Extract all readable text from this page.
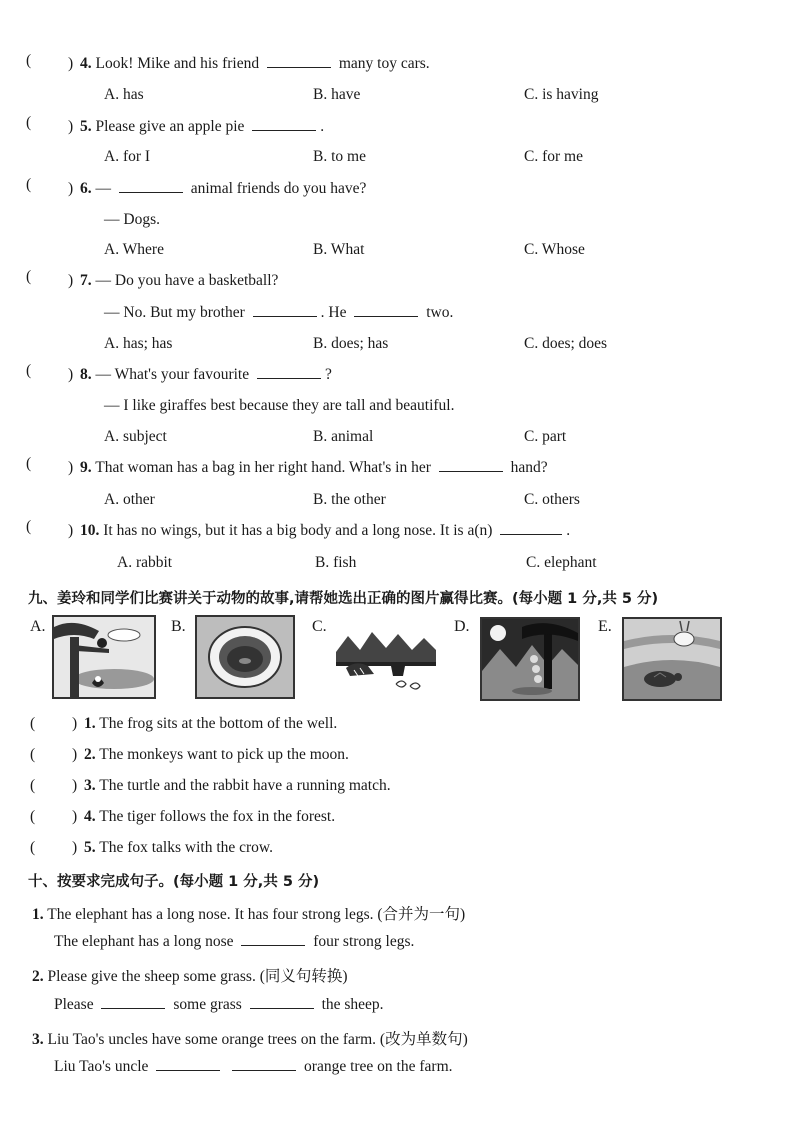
( ) 4. Look! Mike and his friend	many toy cars.
A. has	B. have	C. is having
( ) 5. Please give an apple pie	.
A. for I	B. to me	C. for me
( ) 6. —	animal friends do you have?
— Dogs.
A. Where	B. What	C. Whose
( ) 7. — Do you have a basketball?
— No. But my brother	. He	two.
A. has; has	B. does; has	C. does; does
( ) 8. — What's your favourite	?
— I like giraffes best because they are tall and beautiful.
A. subject	B. animal	C. part
( ) 9. That woman has a bag in her right hand. What's in her	hand?
A. other	B. the other	C. others
( ) 10. It has no wings, but it has a big body and a long nose. It is a(n)	.
A. rabbit	B. fish	C. elephant
九、姜玲和同学们比赛讲关于动物的故事,请帮她选出正确的图片赢得比赛。(每小题 1 分,共 5 分)
A.	B.	C.	D.	E.
( ) 1. The frog sits at the bottom of the well.
( ) 2. The monkeys want to pick up the moon.
( ) 3. The turtle and the rabbit have a running match.
( ) 4. The tiger follows the fox in the forest.
( ) 5. The fox talks with the crow.
十、按要求完成句子。(每小题 1 分,共 5 分)
1. The elephant has a long nose. It has four strong legs. (合并为一句)
The elephant has a long nose	four strong legs.
2. Please give the sheep some grass. (同义句转换)
Please	some grass	the sheep.
3. Liu Tao's uncles have some orange trees on the farm. (改为单数句)
Liu Tao's uncle	orange tree on the farm.
